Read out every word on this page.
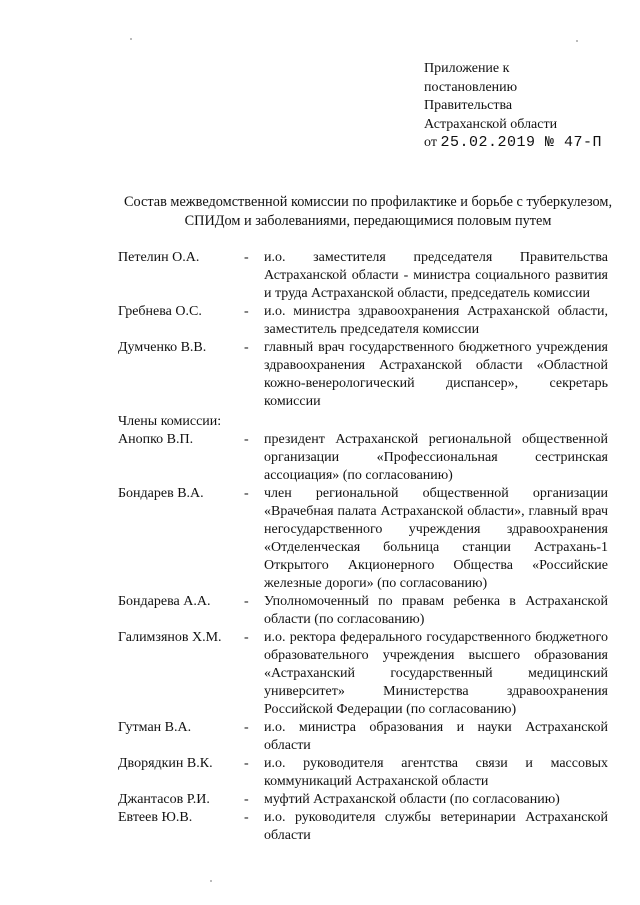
Приложение к
постановлению
Правительства
Астраханской области
от 25.02.2019 № 47-П
Состав межведомственной комиссии по профилактике и борьбе с туберкулезом, СПИДом и заболеваниями, передающимися половым путем
Петелин О.А.	-	и.о. заместителя председателя Правительства Астраханской области - министра социального развития и труда Астраханской области, председатель комиссии
Гребнева О.С.	-	и.о. министра здравоохранения Астраханской области, заместитель председателя комиссии
Думченко В.В.	-	главный врач государственного бюджетного учреждения здравоохранения Астраханской области «Областной кожно-венерологический диспансер», секретарь комиссии
Члены комиссии:
Анопко В.П.	-	президент Астраханской региональной общественной организации «Профессиональная сестринская ассоциация» (по согласованию)
Бондарев В.А.	-	член региональной общественной организации «Врачебная палата Астраханской области», главный врач негосударственного учреждения здравоохранения «Отделенческая больница станции Астрахань-1 Открытого Акционерного Общества «Российские железные дороги» (по согласованию)
Бондарева А.А.	-	Уполномоченный по правам ребенка в Астраханской области (по согласованию)
Галимзянов Х.М.	-	и.о. ректора федерального государственного бюджетного образовательного учреждения высшего образования «Астраханский государственный медицинский университет» Министерства здравоохранения Российской Федерации (по согласованию)
Гутман В.А.	-	и.о. министра образования и науки Астраханской области
Дворядкин В.К.	-	и.о. руководителя агентства связи и массовых коммуникаций Астраханской области
Джантасов Р.И.	-	муфтий Астраханской области (по согласованию)
Евтеев Ю.В.	-	и.о. руководителя службы ветеринарии Астраханской области
